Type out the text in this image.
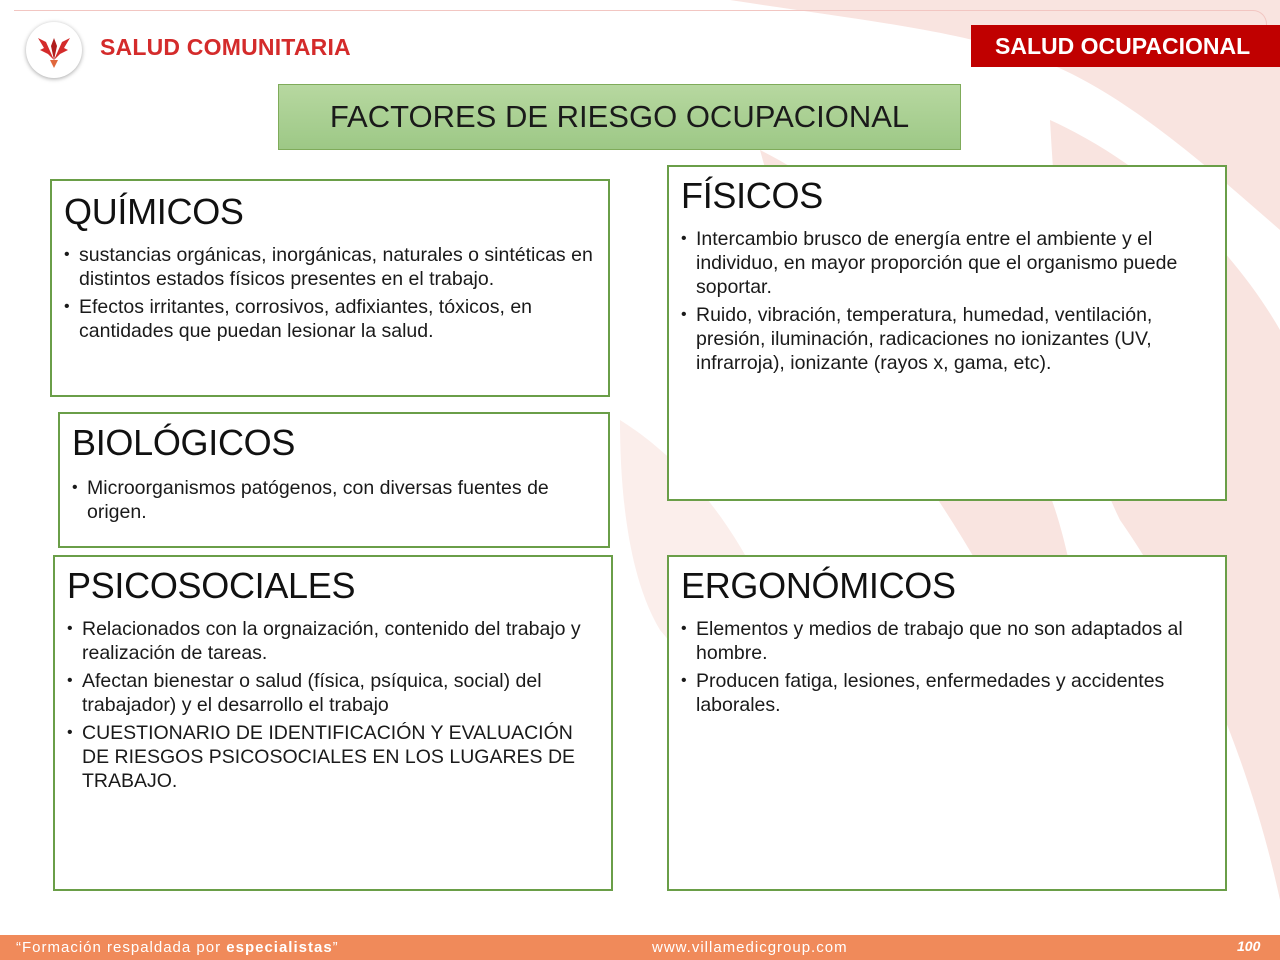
SALUD COMUNITARIA	SALUD OCUPACIONAL
FACTORES DE RIESGO OCUPACIONAL
QUÍMICOS
• sustancias orgánicas, inorgánicas, naturales o sintéticas en distintos estados físicos presentes en el trabajo.
• Efectos irritantes, corrosivos, adfixiantes, tóxicos, en cantidades que puedan lesionar la salud.
FÍSICOS
• Intercambio brusco de energía entre el ambiente y el individuo, en mayor proporción que el organismo puede soportar.
• Ruido, vibración, temperatura, humedad, ventilación, presión, iluminación, radicaciones no ionizantes (UV, infrarroja), ionizante (rayos x, gama, etc).
BIOLÓGICOS
• Microorganismos patógenos, con diversas fuentes de origen.
PSICOSOCIALES
• Relacionados con la orgnaización, contenido del trabajo y realización de tareas.
• Afectan bienestar o salud (física, psíquica, social) del trabajador) y el desarrollo el trabajo
• CUESTIONARIO DE IDENTIFICACIÓN Y EVALUACIÓN DE RIESGOS PSICOSOCIALES EN LOS LUGARES DE TRABAJO.
ERGONÓMICOS
• Elementos y medios de trabajo que no son adaptados al hombre.
• Producen fatiga, lesiones, enfermedades y accidentes laborales.
“Formación respaldada por especialistas”	www.villamedicgroup.com	100
